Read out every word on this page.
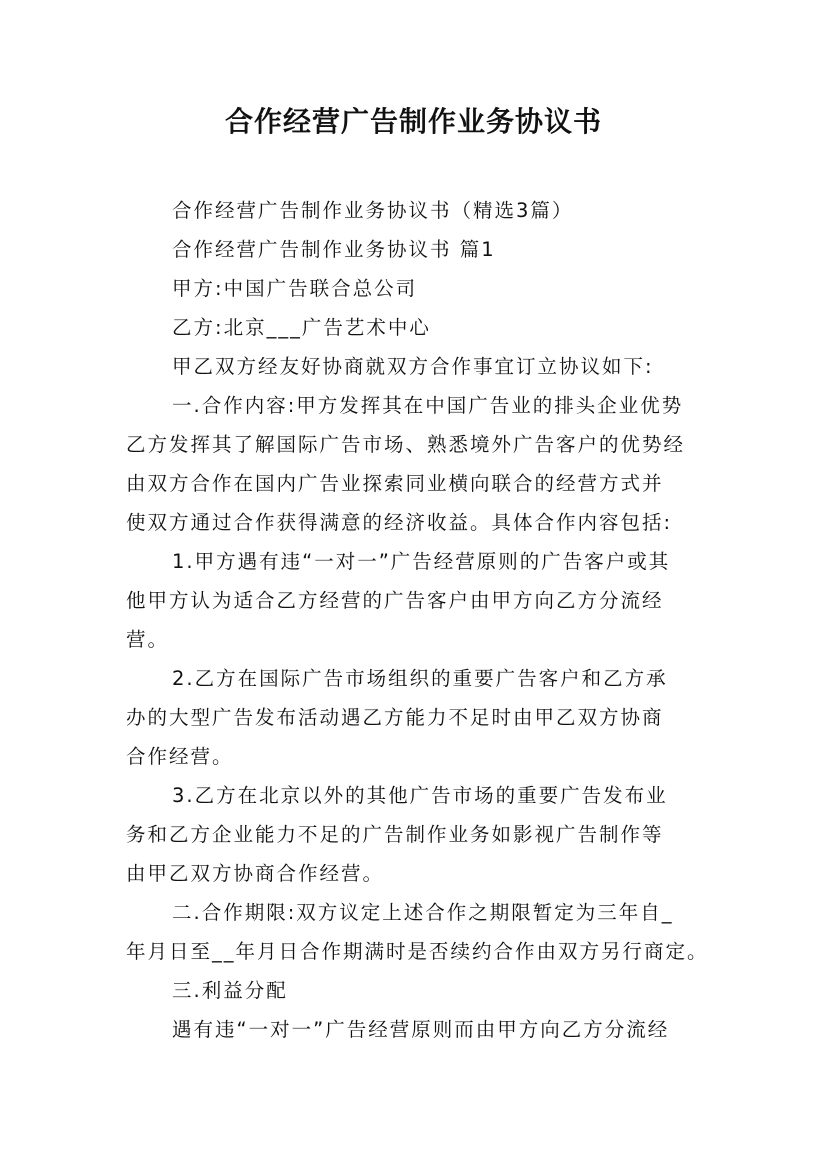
合作经营广告制作业务协议书
合作经营广告制作业务协议书（精选3篇）
合作经营广告制作业务协议书 篇1
甲方:中国广告联合总公司
乙方:北京___广告艺术中心
甲乙双方经友好协商就双方合作事宜订立协议如下:
一.合作内容:甲方发挥其在中国广告业的排头企业优势
乙方发挥其了解国际广告市场、熟悉境外广告客户的优势经
由双方合作在国内广告业探索同业横向联合的经营方式并
使双方通过合作获得满意的经济收益。具体合作内容包括:
1.甲方遇有违“一对一”广告经营原则的广告客户或其
他甲方认为适合乙方经营的广告客户由甲方向乙方分流经
营。
2.乙方在国际广告市场组织的重要广告客户和乙方承
办的大型广告发布活动遇乙方能力不足时由甲乙双方协商
合作经营。
3.乙方在北京以外的其他广告市场的重要广告发布业
务和乙方企业能力不足的广告制作业务如影视广告制作等
由甲乙双方协商合作经营。
二.合作期限:双方议定上述合作之期限暂定为三年自_
年月日至__年月日合作期满时是否续约合作由双方另行商定。
三.利益分配
遇有违“一对一”广告经营原则而由甲方向乙方分流经
